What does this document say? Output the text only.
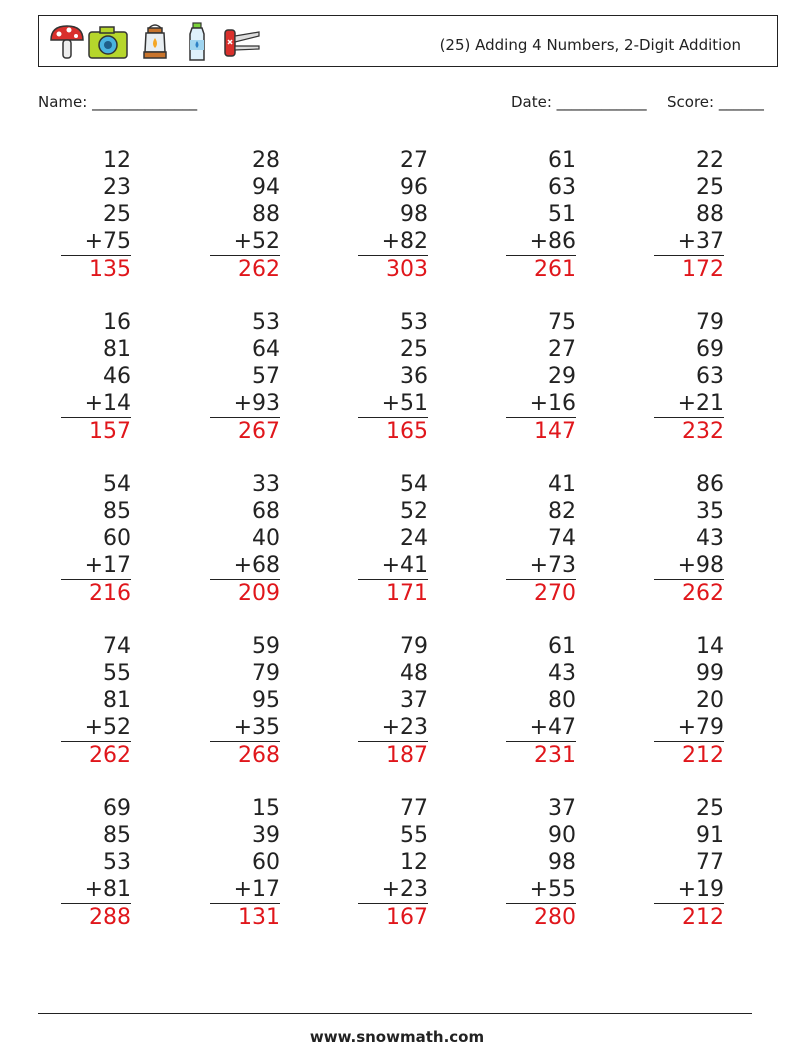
(25) Adding 4 Numbers, 2-Digit Addition
Name: ______________	Date: ____________ Score: ______
12
23
25
+75
135
28
94
88
+52
262
27
96
98
+82
303
61
63
51
+86
261
22
25
88
+37
172
16
81
46
+14
157
53
64
57
+93
267
53
25
36
+51
165
75
27
29
+16
147
79
69
63
+21
232
54
85
60
+17
216
33
68
40
+68
209
54
52
24
+41
171
41
82
74
+73
270
86
35
43
+98
262
74
55
81
+52
262
59
79
95
+35
268
79
48
37
+23
187
61
43
80
+47
231
14
99
20
+79
212
69
85
53
+81
288
15
39
60
+17
131
77
55
12
+23
167
37
90
98
+55
280
25
91
77
+19
212
www.snowmath.com
